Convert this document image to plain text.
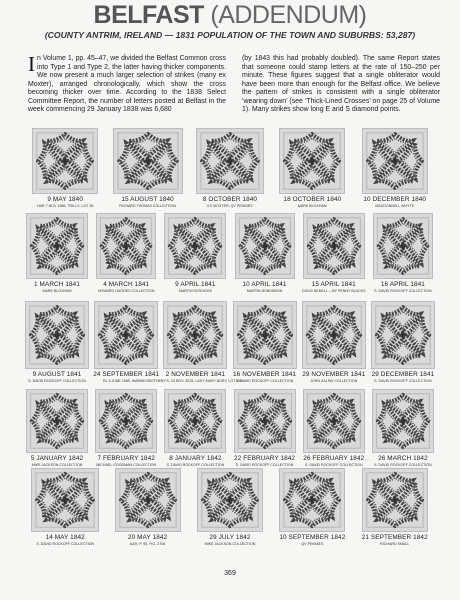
BELFAST (ADDENDUM)
(COUNTY ANTRIM, IRELAND — 1831 POPULATION OF THE TOWN AND SUBURBS: 53,287)
In Volume 1, pp. 45–47, we divided the Belfast Common cross into Type 1 and Type 2, the latter having thicker components. We now present a much larger selection of strikes (many ex Moxter), arranged chronologically, which show the cross becoming thicker over time. According to the 1838 Select Committee Report, the number of letters posted at Belfast in the week commencing 29 January 1838 was 6,680
(by 1843 this had probably doubled). The same Report states that someone could stamp letters at the rate of 150–250 per minute. These figures suggest that a single obliterator would have been more than enough for the Belfast office. We believe the pattern of strikes is consistent with a single obliterator ‘wearing down’ (see ‘Thick-Lined Crosses’ on page 25 of Volume 1). Many strikes show long E and S diamond points.
9 MAY 1840
HAR 7 NOV 1986, TRILLS, LOT 36
15 AUGUST 1840
RICHARD THOMAS COLLECTION
8 OCTOBER 1840
EX MOXTER; QV PENNIES
18 OCTOBER 1840
MARK BLOXHAM
10 DECEMBER 1840
MACDONNELL WHYTE
1 MARCH 1841
MARK BLOXHAM
4 MARCH 1841
HOWARD HUGHES COLLECTION
9 APRIL 1841
MARTIN SCROGGS
10 APRIL 1841
MARTIN JENKINSON
15 APRIL 1841
DOUG NEDELL – MY PENNY BLACKS
16 APRIL 1841
S. DAVID ROCKOFF COLLECTION
9 AUGUST 1841
S. DAVID ROCKOFF COLLECTION
24 SEPTEMBER 1841
RL 3 JUNE 1985, WARWICK
2 NOVEMBER 1841
SOTHEBY'S, 24 NOV. 2015, LADY MARY BURY, LOT 168
16 NOVEMBER 1841
S. DAVID ROCKOFF COLLECTION
29 NOVEMBER 1841
JOHN SALPAI COLLECTION
29 DECEMBER 1841
S. DAVID ROCKOFF COLLECTION
5 JANUARY 1842
MIKE JACKSON COLLECTION
7 FEBRUARY 1842
MICHAEL GOODMAN COLLECTION
8 JANUARY 1842
S. DAVID ROCKOFF COLLECTION
22 FEBRUARY 1842
S. DAVID ROCKOFF COLLECTION
26 FEBRUARY 1842
S. DAVID ROCKOFF COLLECTION
26 MARCH 1842
S. DAVID ROCKOFF COLLECTION
14 MAY 1842
S. DAVID ROCKOFF COLLECTION
20 MAY 1842
A&H, P. 95, FIG. 2706
29 JULY 1842
MIKE JACKSON COLLECTION
10 SEPTEMBER 1842
QV PENNIES
21 SEPTEMBER 1842
RICHARD SMALL
369
